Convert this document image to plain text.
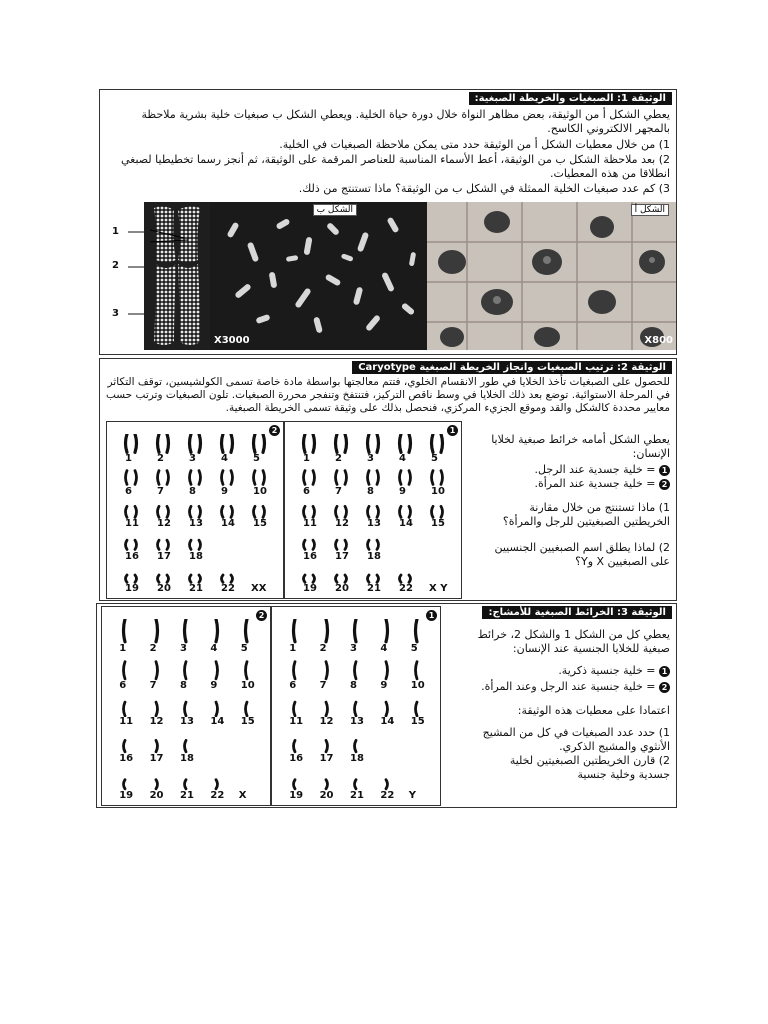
الوثيقة 1: الصبغيات والخريطة الصبغية:
يعطي الشكل أ من الوثيقة، بعض مظاهر النواة خلال دورة حياة الخلية. ويعطي الشكل ب صبغيات خلية بشرية ملاحظة بالمجهر الالكتروني الكاسح.
1) من خلال معطيات الشكل أ من الوثيقة حدد متى يمكن ملاحظة الصبغيات في الخلية.
2) بعد ملاحظة الشكل ب من الوثيقة، أعط الأسماء المناسبة للعناصر المرقمة على الوثيقة، ثم أنجز رسما تخطيطيا لصبغي انطلاقا من هذه المعطيات.
3) كم عدد صبغيات الخلية الممثلة في الشكل ب من الوثيقة؟ ماذا تستنتج من ذلك.
1
2
3
X3000
الشكل ب
X800
الشكل أ
الوثيقة 2: ترتيب الصبغيات وانجاز الخريطة الصبغية Caryotype
للحصول على الصبغيات تأخذ الخلايا في طور الانقسام الخلوي، فتتم معالجتها بواسطة مادة خاصة تسمى الكولشيسين، توقف التكاثر في المرحلة الاستوائية. توضع بعد ذلك الخلايا في وسط ناقص التركيز، فتنتفخ وتنفجر محررة الصبغيات. تلون الصبغيات وترتب حسب معايير محددة كالشكل والقد وموقع الجزيء المركزي، فنحصل بذلك على وثيقة تسمى الخريطة الصبغية.
يعطي الشكل أمامه خرائط صبغية لخلايا الإنسان:
1 = خلية جسدية عند الرجل.
2 = خلية جسدية عند المرأة.
1) ماذا تستنتج من خلال مقارنة الخريطتين الصبغيتين للرجل والمرأة؟
2) لماذا يطلق اسم الصبغيين الجنسيين على الصبغيين X وY؟
2
1	2	3	4	5
6	7	8	9	10
11 12 13 14 15
16 17 18
19 20 21 22 XX
1
1	2	3	4	5
6	7	8	9	10
11 12 13 14 15
16 17 18
19 20 21 22 X Y
الوثيقة 3: الخرائط الصبغية للأمشاج:
يعطي كل من الشكل 1 والشكل 2، خرائط صبغية للخلايا الجنسية عند الإنسان:
1 = خلية جنسية ذكرية.
2 = خلية جنسية عند الرجل وعند المرأة.
اعتمادا على معطيات هذه الوثيقة:
1) حدد عدد الصبغيات في كل من المشيج الأنثوي والمشيج الذكري.
2) قارن الخريطتين الصبغيتين لخلية جسدية وخلية جنسية
2
1 2 3 4 5
6 7 8 9 10
11 12 13 14 15
16 17 18
19 20 21 22 X
1
1 2 3 4 5
6 7 8 9 10
11 12 13 14 15
16 17 18
19 20 21 22 Y
